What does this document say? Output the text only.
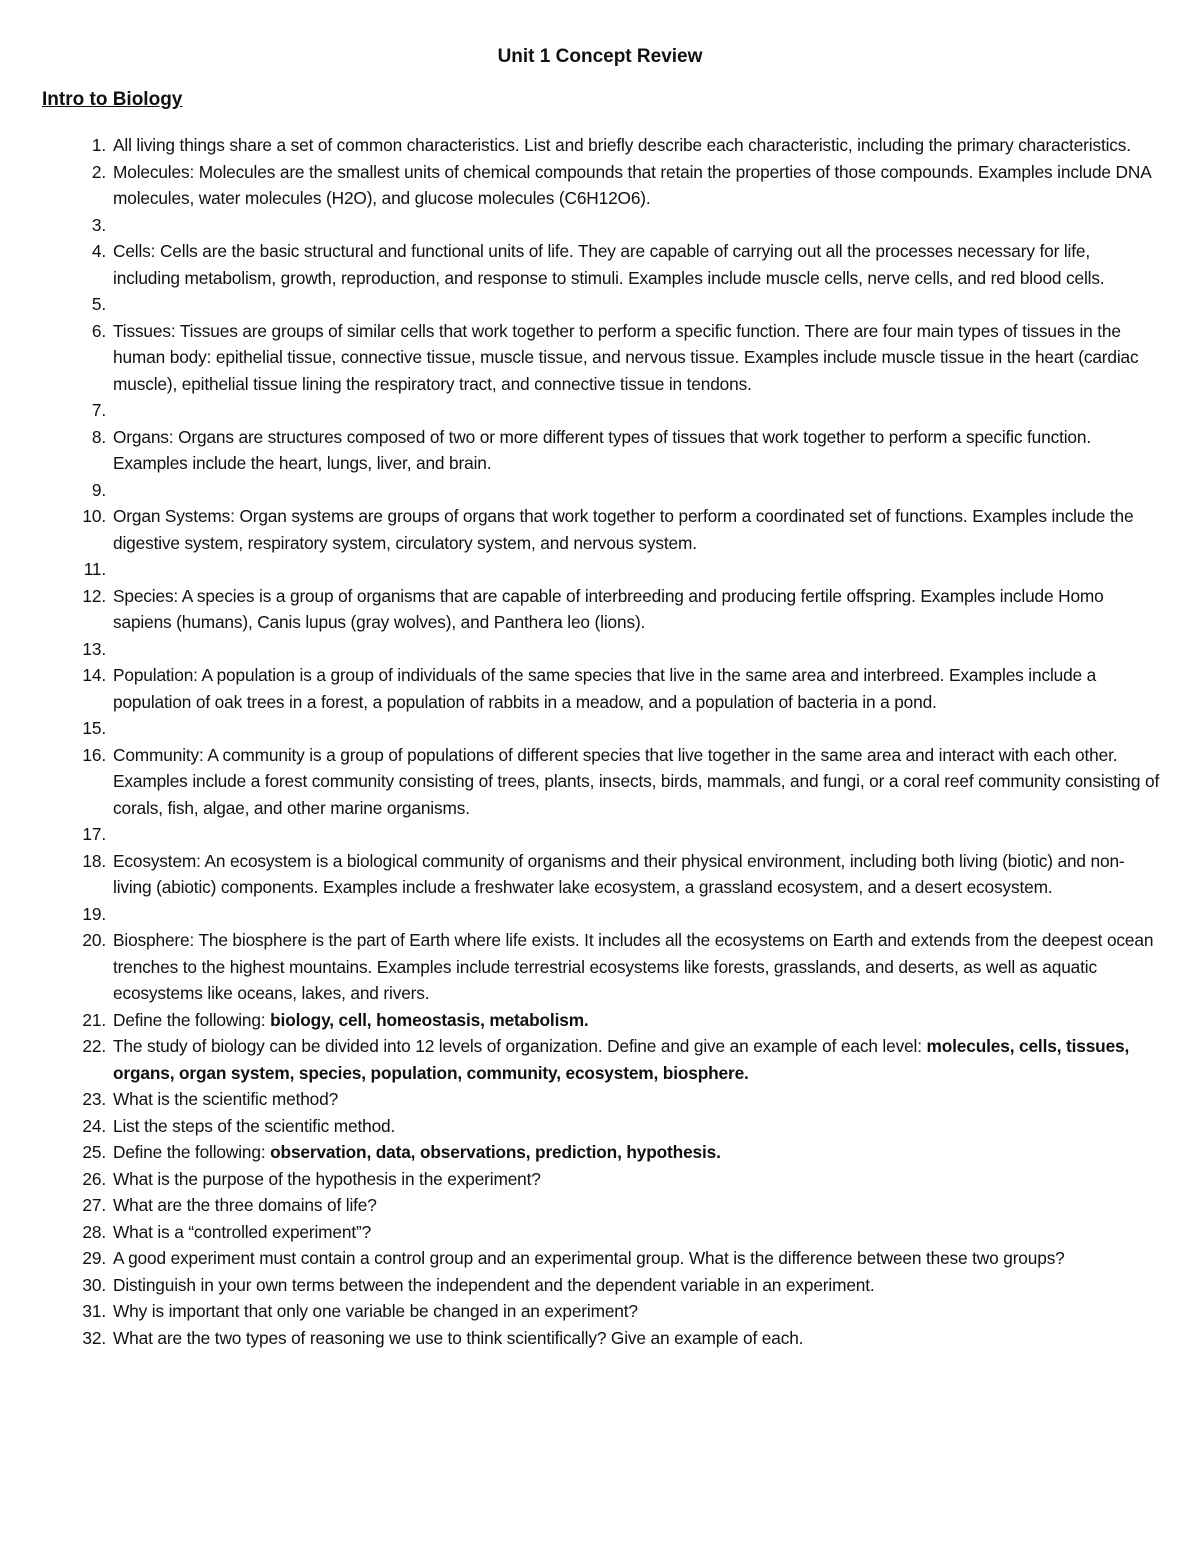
Unit 1 Concept Review
Intro to Biology
1. All living things share a set of common characteristics. List and briefly describe each characteristic, including the primary characteristics.
2. Molecules: Molecules are the smallest units of chemical compounds that retain the properties of those compounds. Examples include DNA molecules, water molecules (H2O), and glucose molecules (C6H12O6).
3.
4. Cells: Cells are the basic structural and functional units of life. They are capable of carrying out all the processes necessary for life, including metabolism, growth, reproduction, and response to stimuli. Examples include muscle cells, nerve cells, and red blood cells.
5.
6. Tissues: Tissues are groups of similar cells that work together to perform a specific function. There are four main types of tissues in the human body: epithelial tissue, connective tissue, muscle tissue, and nervous tissue. Examples include muscle tissue in the heart (cardiac muscle), epithelial tissue lining the respiratory tract, and connective tissue in tendons.
7.
8. Organs: Organs are structures composed of two or more different types of tissues that work together to perform a specific function. Examples include the heart, lungs, liver, and brain.
9.
10. Organ Systems: Organ systems are groups of organs that work together to perform a coordinated set of functions. Examples include the digestive system, respiratory system, circulatory system, and nervous system.
11.
12. Species: A species is a group of organisms that are capable of interbreeding and producing fertile offspring. Examples include Homo sapiens (humans), Canis lupus (gray wolves), and Panthera leo (lions).
13.
14. Population: A population is a group of individuals of the same species that live in the same area and interbreed. Examples include a population of oak trees in a forest, a population of rabbits in a meadow, and a population of bacteria in a pond.
15.
16. Community: A community is a group of populations of different species that live together in the same area and interact with each other. Examples include a forest community consisting of trees, plants, insects, birds, mammals, and fungi, or a coral reef community consisting of corals, fish, algae, and other marine organisms.
17.
18. Ecosystem: An ecosystem is a biological community of organisms and their physical environment, including both living (biotic) and non-living (abiotic) components. Examples include a freshwater lake ecosystem, a grassland ecosystem, and a desert ecosystem.
19.
20. Biosphere: The biosphere is the part of Earth where life exists. It includes all the ecosystems on Earth and extends from the deepest ocean trenches to the highest mountains. Examples include terrestrial ecosystems like forests, grasslands, and deserts, as well as aquatic ecosystems like oceans, lakes, and rivers.
21. Define the following: biology, cell, homeostasis, metabolism.
22. The study of biology can be divided into 12 levels of organization. Define and give an example of each level: molecules, cells, tissues, organs, organ system, species, population, community, ecosystem, biosphere.
23. What is the scientific method?
24. List the steps of the scientific method.
25. Define the following: observation, data, observations, prediction, hypothesis.
26. What is the purpose of the hypothesis in the experiment?
27. What are the three domains of life?
28. What is a “controlled experiment”?
29. A good experiment must contain a control group and an experimental group. What is the difference between these two groups?
30. Distinguish in your own terms between the independent and the dependent variable in an experiment.
31. Why is important that only one variable be changed in an experiment?
32. What are the two types of reasoning we use to think scientifically? Give an example of each.
